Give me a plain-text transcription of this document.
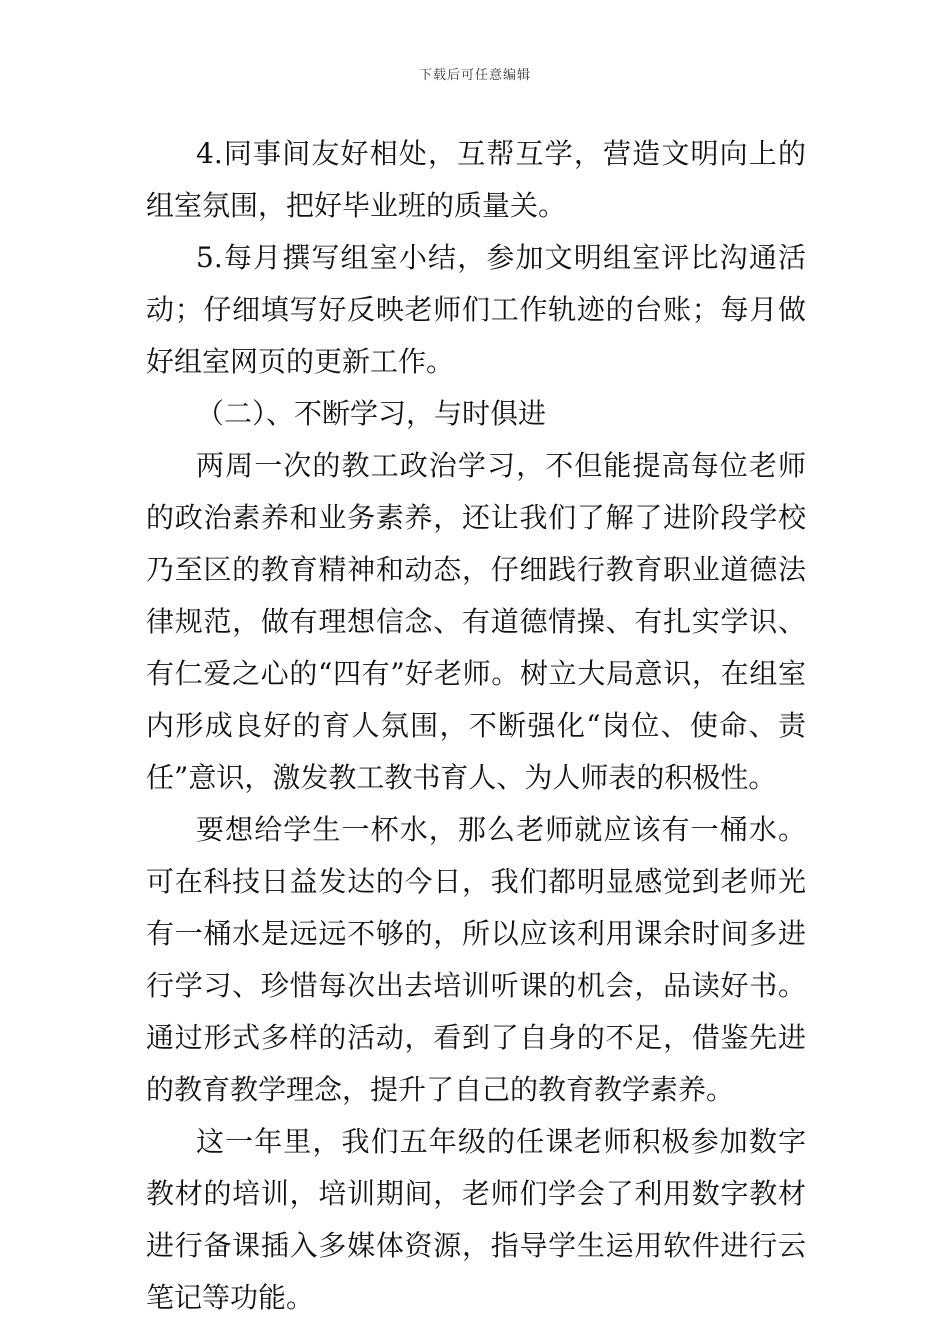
下载后可任意编辑

4.同事间友好相处，互帮互学，营造文明向上的组室氛围，把好毕业班的质量关。

5.每月撰写组室小结，参加文明组室评比沟通活动；仔细填写好反映老师们工作轨迹的台账；每月做好组室网页的更新工作。

（二）、不断学习，与时俱进

两周一次的教工政治学习，不但能提高每位老师的政治素养和业务素养，还让我们了解了进阶段学校乃至区的教育精神和动态，仔细践行教育职业道德法律规范，做有理想信念、有道德情操、有扎实学识、有仁爱之心的“四有”好老师。树立大局意识，在组室内形成良好的育人氛围，不断强化“岗位、使命、责任”意识，激发教工教书育人、为人师表的积极性。

要想给学生一杯水，那么老师就应该有一桶水。可在科技日益发达的今日，我们都明显感觉到老师光有一桶水是远远不够的，所以应该利用课余时间多进行学习、珍惜每次出去培训听课的机会，品读好书。通过形式多样的活动，看到了自身的不足，借鉴先进的教育教学理念，提升了自己的教育教学素养。

这一年里，我们五年级的任课老师积极参加数字教材的培训，培训期间，老师们学会了利用数字教材进行备课插入多媒体资源，指导学生运用软件进行云笔记等功能。
